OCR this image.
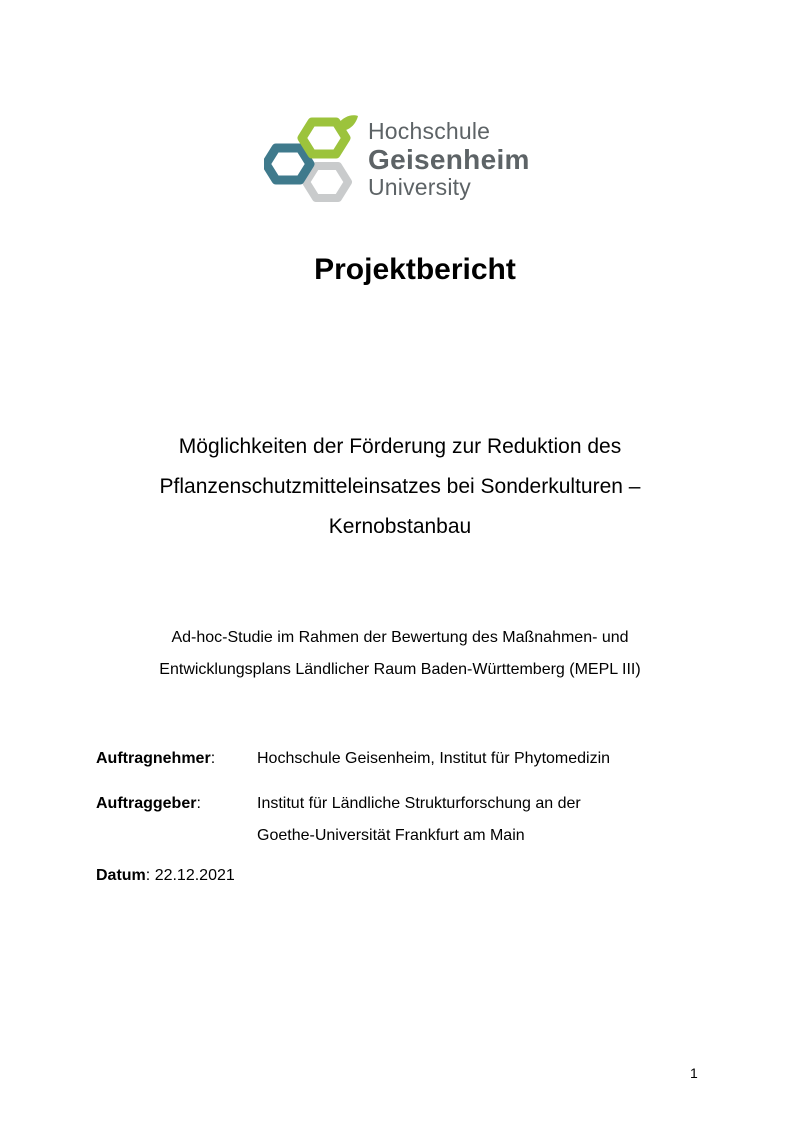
Hochschule
Geisenheim
University
Projektbericht
Möglichkeiten der Förderung zur Reduktion des
Pflanzenschutzmitteleinsatzes bei Sonderkulturen –
Kernobstanbau
Ad-hoc-Studie im Rahmen der Bewertung des Maßnahmen- und
Entwicklungsplans Ländlicher Raum Baden-Württemberg (MEPL III)
Auftragnehmer:	Hochschule Geisenheim, Institut für Phytomedizin
Auftraggeber:	Institut für Ländliche Strukturforschung an der
Goethe-Universität Frankfurt am Main
Datum: 22.12.2021
1
